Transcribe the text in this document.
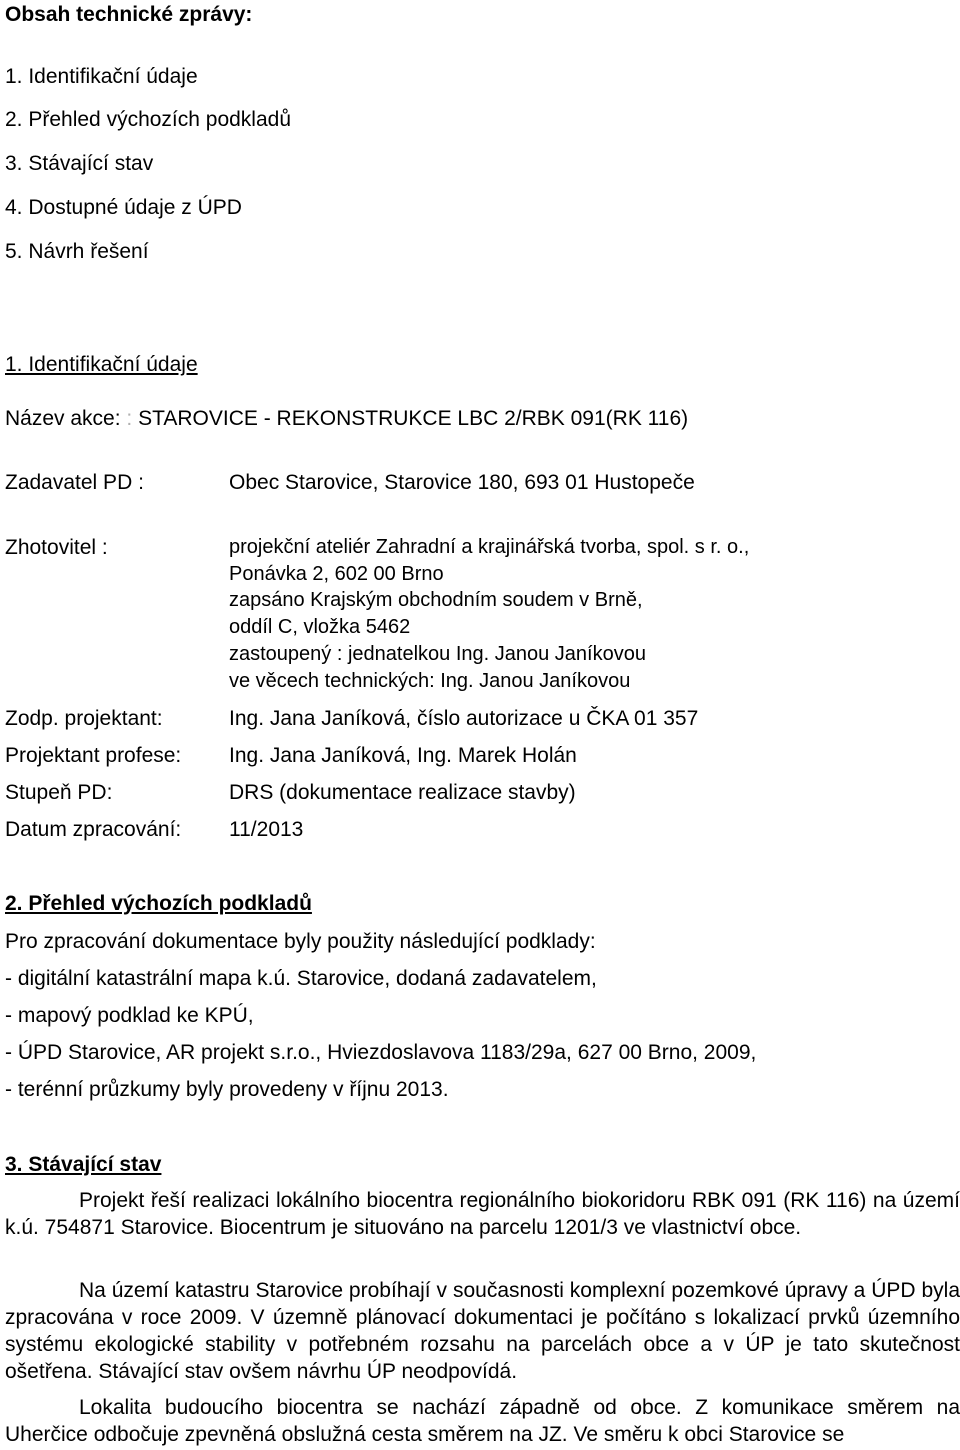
Obsah technické zprávy:
1. Identifikační údaje
2. Přehled výchozích podkladů
3. Stávající stav
4. Dostupné údaje z ÚPD
5. Návrh řešení
1. Identifikační údaje
Název akce: : STAROVICE - REKONSTRUKCE LBC 2/RBK 091(RK 116)
Zadavatel PD :	Obec Starovice, Starovice 180, 693 01 Hustopeče
Zhotovitel :	projekční ateliér Zahradní a krajinářská tvorba, spol. s r. o.,
Ponávka 2, 602 00 Brno
zapsáno Krajským obchodním soudem v Brně,
oddíl C, vložka 5462
zastoupený : jednatelkou Ing. Janou Janíkovou
ve věcech technických: Ing. Janou Janíkovou
Zodp. projektant:	Ing. Jana Janíková, číslo autorizace u ČKA 01 357
Projektant profese: Ing. Jana Janíková, Ing. Marek Holán
Stupeň PD:	DRS (dokumentace realizace stavby)
Datum zpracování: 11/2013
2. Přehled výchozích podkladů
Pro zpracování dokumentace byly použity následující podklady:
- digitální katastrální mapa k.ú. Starovice, dodaná zadavatelem,
- mapový podklad ke KPÚ,
- ÚPD Starovice, AR projekt s.r.o., Hviezdoslavova 1183/29a, 627 00 Brno, 2009,
- terénní průzkumy byly provedeny v říjnu 2013.
3. Stávající stav
Projekt řeší realizaci lokálního biocentra regionálního biokoridoru RBK 091 (RK 116) na území k.ú. 754871 Starovice. Biocentrum je situováno na parcelu 1201/3 ve vlastnictví obce.
Na území katastru Starovice probíhají v současnosti komplexní pozemkové úpravy a ÚPD byla zpracována v roce 2009. V územně plánovací dokumentaci je počítáno s lokalizací prvků územního systému ekologické stability v potřebném rozsahu na parcelách obce a v ÚP je tato skutečnost ošetřena. Stávající stav ovšem návrhu ÚP neodpovídá.
Lokalita budoucího biocentra se nachází západně od obce. Z komunikace směrem na Uherčice odbočuje zpevněná obslužná cesta směrem na JZ. Ve směru k obci Starovice se
